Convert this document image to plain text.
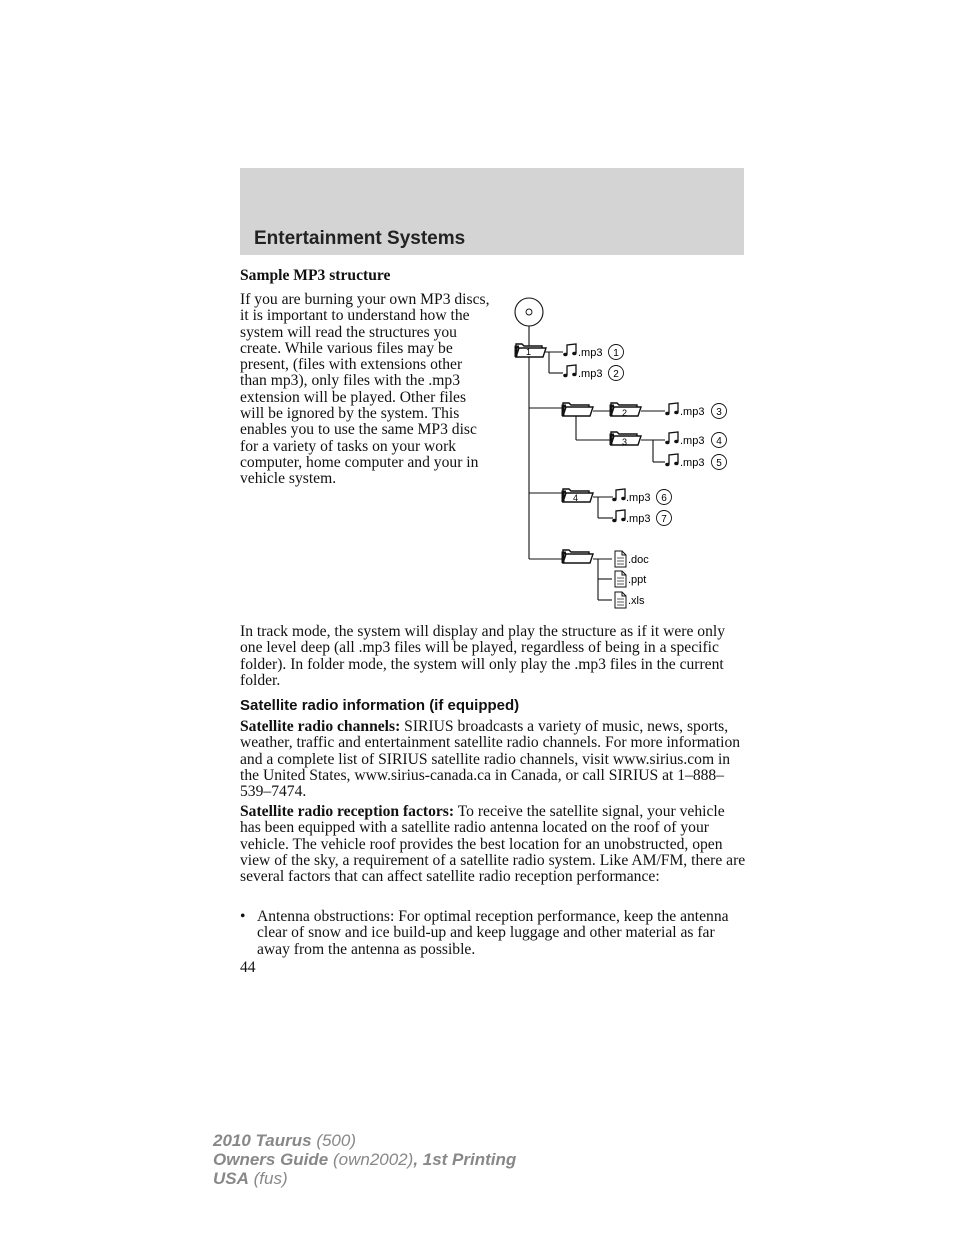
Entertainment Systems
Sample MP3 structure

If you are burning your own MP3 discs, it is important to understand how the system will read the structures you create. While various files may be present, (files with extensions other than mp3), only files with the .mp3 extension will be played. Other files will be ignored by the system. This enables you to use the same MP3 disc for a variety of tasks on your work computer, home computer and your in vehicle system.

1
2
3
4
.mp3 1
.mp3 2
.mp3 3
.mp3 4
.mp3 5
.mp3 6
.mp3 7
.doc
.ppt
.xls

In track mode, the system will display and play the structure as if it were only one level deep (all .mp3 files will be played, regardless of being in a specific folder). In folder mode, the system will only play the .mp3 files in the current folder.

Satellite radio information (if equipped)

Satellite radio channels: SIRIUS broadcasts a variety of music, news, sports, weather, traffic and entertainment satellite radio channels. For more information and a complete list of SIRIUS satellite radio channels, visit www.sirius.com in the United States, www.sirius-canada.ca in Canada, or call SIRIUS at 1–888–539–7474.

Satellite radio reception factors: To receive the satellite signal, your vehicle has been equipped with a satellite radio antenna located on the roof of your vehicle. The vehicle roof provides the best location for an unobstructed, open view of the sky, a requirement of a satellite radio system. Like AM/FM, there are several factors that can affect satellite radio reception performance:

• Antenna obstructions: For optimal reception performance, keep the antenna clear of snow and ice build-up and keep luggage and other material as far away from the antenna as possible.
44
2010 Taurus (500)
Owners Guide (own2002), 1st Printing
USA (fus)
